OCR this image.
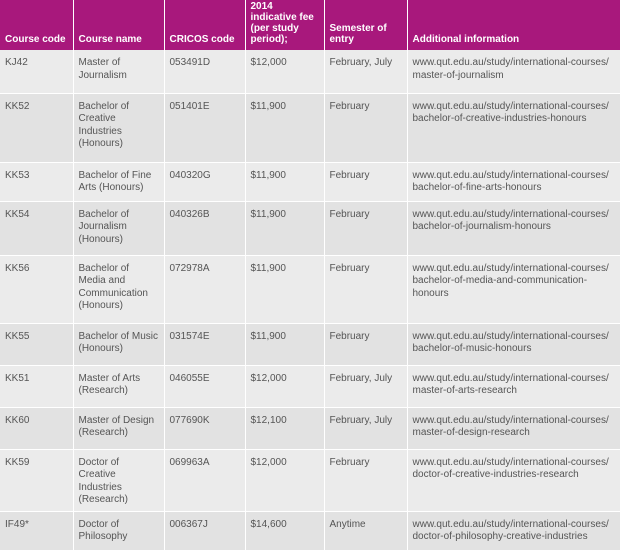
Course code	Course name	CRICOS code	2014 indicative fee (per study period);	Semester of entry	Additional information
KJ42	Master of Journalism	053491D	$12,000	February, July	www.qut.edu.au/study/international-courses/
master-of-journalism

KK52	Bachelor of Creative Industries (Honours)	051401E	$11,900	February	www.qut.edu.au/study/international-courses/
bachelor-of-creative-industries-honours

KK53	Bachelor of Fine Arts (Honours)	040320G	$11,900	February	www.qut.edu.au/study/international-courses/
bachelor-of-fine-arts-honours

KK54	Bachelor of Journalism (Honours)	040326B	$11,900	February	www.qut.edu.au/study/international-courses/
bachelor-of-journalism-honours

KK56	Bachelor of Media and Communication (Honours)	072978A	$11,900	February	www.qut.edu.au/study/international-courses/
bachelor-of-media-and-communication-
honours

KK55	Bachelor of Music (Honours)	031574E	$11,900	February	www.qut.edu.au/study/international-courses/
bachelor-of-music-honours

KK51	Master of Arts (Research)	046055E	$12,000	February, July	www.qut.edu.au/study/international-courses/
master-of-arts-research

KK60	Master of Design (Research)	077690K	$12,100	February, July	www.qut.edu.au/study/international-courses/
master-of-design-research

KK59	Doctor of Creative Industries (Research)	069963A	$12,000	February	www.qut.edu.au/study/international-courses/
doctor-of-creative-industries-research

IF49*	Doctor of Philosophy	006367J	$14,600	Anytime	www.qut.edu.au/study/international-courses/
doctor-of-philosophy-creative-industries
